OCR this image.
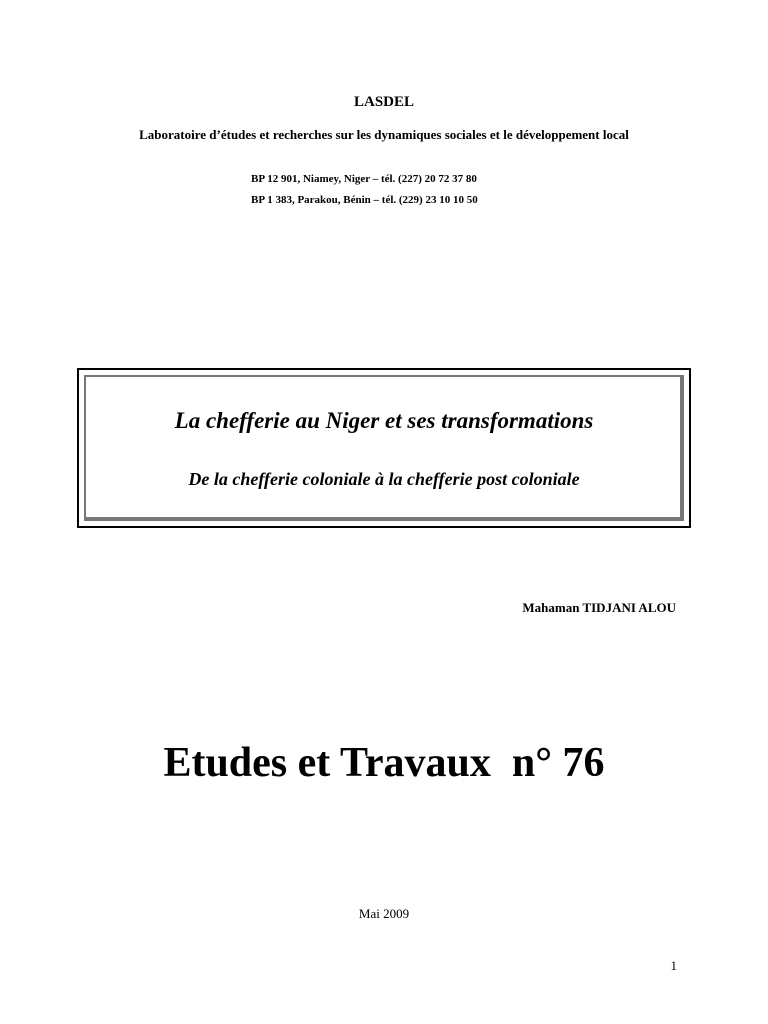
LASDEL
Laboratoire d’études et recherches sur les dynamiques sociales et le développement local
BP 12 901, Niamey, Niger – tél. (227) 20 72 37 80
BP 1 383, Parakou, Bénin – tél. (229) 23 10 10 50
La chefferie au Niger et ses transformations
De la chefferie coloniale à la chefferie post coloniale
Mahaman TIDJANI ALOU
Etudes et Travaux  n° 76
Mai 2009
1
